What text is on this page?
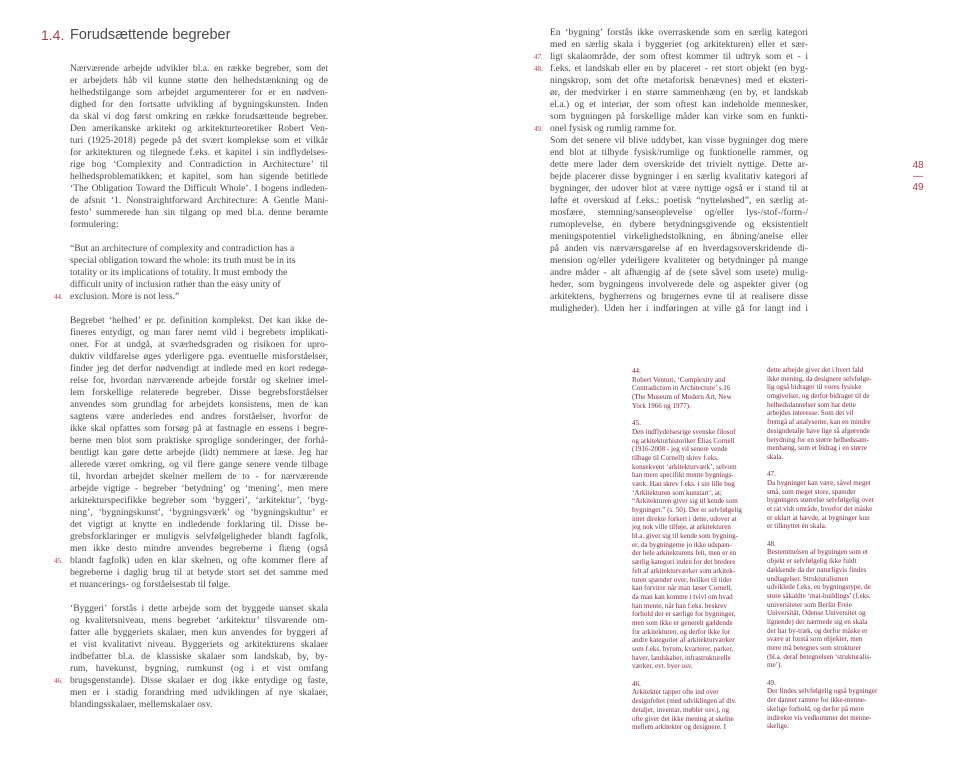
1.4. Forudsættende begreber
Nærværende arbejde udvikler bl.a. en række begreber, som det
er arbejdets håb vil kunne støtte den helhedstænkning og de
helhedstilgange som arbejdet argumenterer for er en nødven-
dighed for den fortsatte udvikling af bygningskunsten. Inden
da skal vi dog først omkring en række forudsættende begreber.
Den amerikanske arkitekt og arkitekturteoretiker Robert Ven-
turi (1925-2018) pegede på det svært komplekse som et vilkår
for arkitekturen og tilegnede f.eks. et kapitel i sin indflydelses-
rige bog ‘Complexity and Contradiction in Architecture’ til
helhedsproblematikken; et kapitel, som han sigende betitlede
‘The Obligation Toward the Difficult Whole’. I bogens indleden-
de afsnit ‘1. Nonstraightforward Architecture: A Gentle Mani-
festo’ summerede han sin tilgang op med bl.a. denne berømte
formulering:
“But an architecture of complexity and contradiction has a
special obligation toward the whole: its truth must be in its
totality or its implications of totality. It must embody the
difficult unity of inclusion rather than the easy unity of
exclusion. More is not less.”
44.
Begrebet ‘helhed’ er pr. definition komplekst. Det kan ikke de-
fineres entydigt, og man farer nemt vild i begrebets implikati-
oner. For at undgå, at sværhedsgraden og risikoen for upro-
duktiv vildfarelse øges yderligere pga. eventuelle misforståelser,
finder jeg det derfor nødvendigt at indlede med en kort redegø-
relse for, hvordan nærværende arbejde forstår og skelner imel-
lem forskellige relaterede begreber. Disse begrebsforståelser
anvendes som grundlag for arbejdets konsistens, men de kan
sagtens være anderledes end andres forståelser, hvorfor de
ikke skal opfattes som forsøg på at fastnagle en essens i begre-
berne men blot som praktiske sproglige sonderinger, der forhå-
bentligt kan gøre dette arbejde (lidt) nemmere at læse. Jeg har
allerede været omkring, og vil flere gange senere vende tilbage
til, hvordan arbejdet skelner mellem de to - for nærværende
arbejde vigtige - begreber ‘betydning’ og ‘mening’, men mere
arkitekturspecifikke begreber som ‘byggeri’, ‘arkitektur’, ‘byg-
ning’, ‘bygningskunst’, ‘bygningsværk’ og ‘bygningskultur’ er
det vigtigt at knytte en indledende forklaring til. Disse be-
grebsforklaringer er muligvis selvfølgeligheder blandt fagfolk,
men ikke desto mindre anvendes begreberne i flæng (også
blandt fagfolk) uden en klar skelnen, og ofte kommer flere af
45.
begreberne i daglig brug til at betyde stort set det samme med
et nuancerings- og forståelsestab til følge.
‘Byggeri’ forstås i dette arbejde som det byggede uanset skala
og kvalitetsniveau, mens begrebet ‘arkitektur’ tilsvarende om-
fatter alle byggeriets skalaer, men kun anvendes for byggeri af
et vist kvalitativt niveau. Byggeriets og arkitekturens skalaer
indbefatter bl.a. de klassiske skalaer som landskab, by, by-
rum, havekunst, bygning, rumkunst (og i et vist omfang
brugsgenstande). Disse skalaer er dog ikke entydige og faste,
46.
men er i stadig forandring med udviklingen af nye skalaer,
blandingsskalaer, mellemskalaer osv.
En ‘bygning’ forstås ikke overraskende som en særlig kategori
med en særlig skala i byggeriet (og arkitekturen) eller et sær-
ligt skalaområde, der som oftest kommer til udtryk som et - i
47.
f.eks. et landskab eller en by placeret - ret stort objekt (en byg-
48.
ningskrop, som det ofte metaforisk benævnes) med et eksteri-
ør, der medvirker i en større sammenhæng (en by, et landskab
el.a.) og et interiør, der som oftest kan indeholde mennesker,
som bygningen på forskellige måder kan virke som en funkti-
onel fysisk og rumlig ramme for.
49.
Som det senere vil blive uddybet, kan visse bygninger dog mere
end blot at tilbyde fysisk/rumlige og funktionelle rammer, og
dette mere lader dem overskride det trivielt nyttige. Dette ar-
bejde placerer disse bygninger i en særlig kvalitativ kategori af
bygninger, der udover blot at være nyttige også er i stand til at
løfte et overskud af f.eks.: poetisk “nytteløshed”, en særlig at-
mosfære, stemning/sanseoplevelse og/eller lys-/stof-/form-/
rumoplevelse, en dybere betydningsgivende og eksistentielt
meningspotentiel virkelighedstolkning, en åbning/anelse eller
på anden vis nærværsgørelse af en hverdagsoverskridende di-
mension og/eller yderligere kvaliteter og betydninger på mange
andre måder - alt afhængig af de (sete såvel som usete) mulig-
heder, som bygningens involverede dele og aspekter giver (og
arkitektens, bygherrens og brugernes evne til at realisere disse
muligheder). Uden her i indføringen at ville gå for langt ind i
48
—
49
44.
Robert Venturi, ‘Complexity and
Contradiction in Architecture’ s.16
(The Museum of Modern Art, New
York 1966 og 1977).
45.
Den indflydelsesrige svenske filosof
og arkitekturhistoriker Elias Cornell
(1916-2008 - jeg vil senere vende
tilbage til Cornell) skrev f.eks.
konsekvent ‘arkitekturværk’, selvom
han mere specifikt mente bygnings-
værk. Han skrev f.eks. i sin lille bog
‘Arkitekturen som kunstart’, at;
“Arkitekturen giver sig til kende som
bygninger.” (s. 50). Der er selvfølgelig
intet direkte forkert i dette, udover at
jeg nok ville tilføje, at arkitekturen
bl.a. giver sig til kende som bygning-
er, da bygningerne jo ikke udspæn-
der hele arkitekturens felt, men er en
særlig kategori inden for det bredere
felt af arkitekturværker som arkitek-
turen spænder over, hvilket til tider
kan forvirre når man læser Cornell,
da man kan komme i tvivl om hvad
han mente, når han f.eks. beskrev
forhold der er særlige for bygninger,
men som ikke er generelt gældende
for arkitekturen, og derfor ikke for
andre kategorier af arkitekturværker
som f.eks. byrum, kvarterer, parker,
haver, landskaber, infrastrukturelle
værker, evt. byer osv.
46.
Arkitekter tapper ofte ind over
designfeltet (med udviklingen af div.
detaljer, inventar, møbler osv.), og
ofte giver det ikke mening at skelne
mellem arkitekter og designere. I
dette arbejde giver det i hvert fald
ikke mening, da designere selvfølge-
lig også bidrager til vores fysiske
omgivelser, og derfor bidrager til de
helhedsdannelser som har dette
arbejdes interesse. Som det vil
fremgå af analyserne, kan en mindre
designdetalje have lige så afgørende
betydning for en større helhedssam-
menhæng, som et bidrag i en større
skala.
47.
Da bygninger kan være, såvel meget
små, som meget store, spænder
bygningers størrelse selvfølgelig over
et rat vidt område, hvorfor det måske
er uklart at hævde, at bygninger kun
er tilknyttet én skala.
48.
Bestemmelsen af bygningen som et
objekt er selvfølgelig ikke fuldt
dækkende da der naturligvis findes
undtagelser. Strukturalismen
udviklede f.eks. en bygningstype, de
store såkaldte ‘mat-buildings’ (f.eks.
universiteter som Berlin Freie
Universität, Odense Universitet og
lignende) der nærmede sig en skala
der har by-træk, og derfor måske er
svære at forstå som objekter, men
mere må betegnes som strukturer
(bl.a. deraf betegnelsen ‘strukturalis-
me’).
49.
Der findes selvfølgelig også bygninger
der danner ramme for ikke-menne-
skelige forhold, og derfor på mere
indirekte vis vedkommer det menne-
skelige.
